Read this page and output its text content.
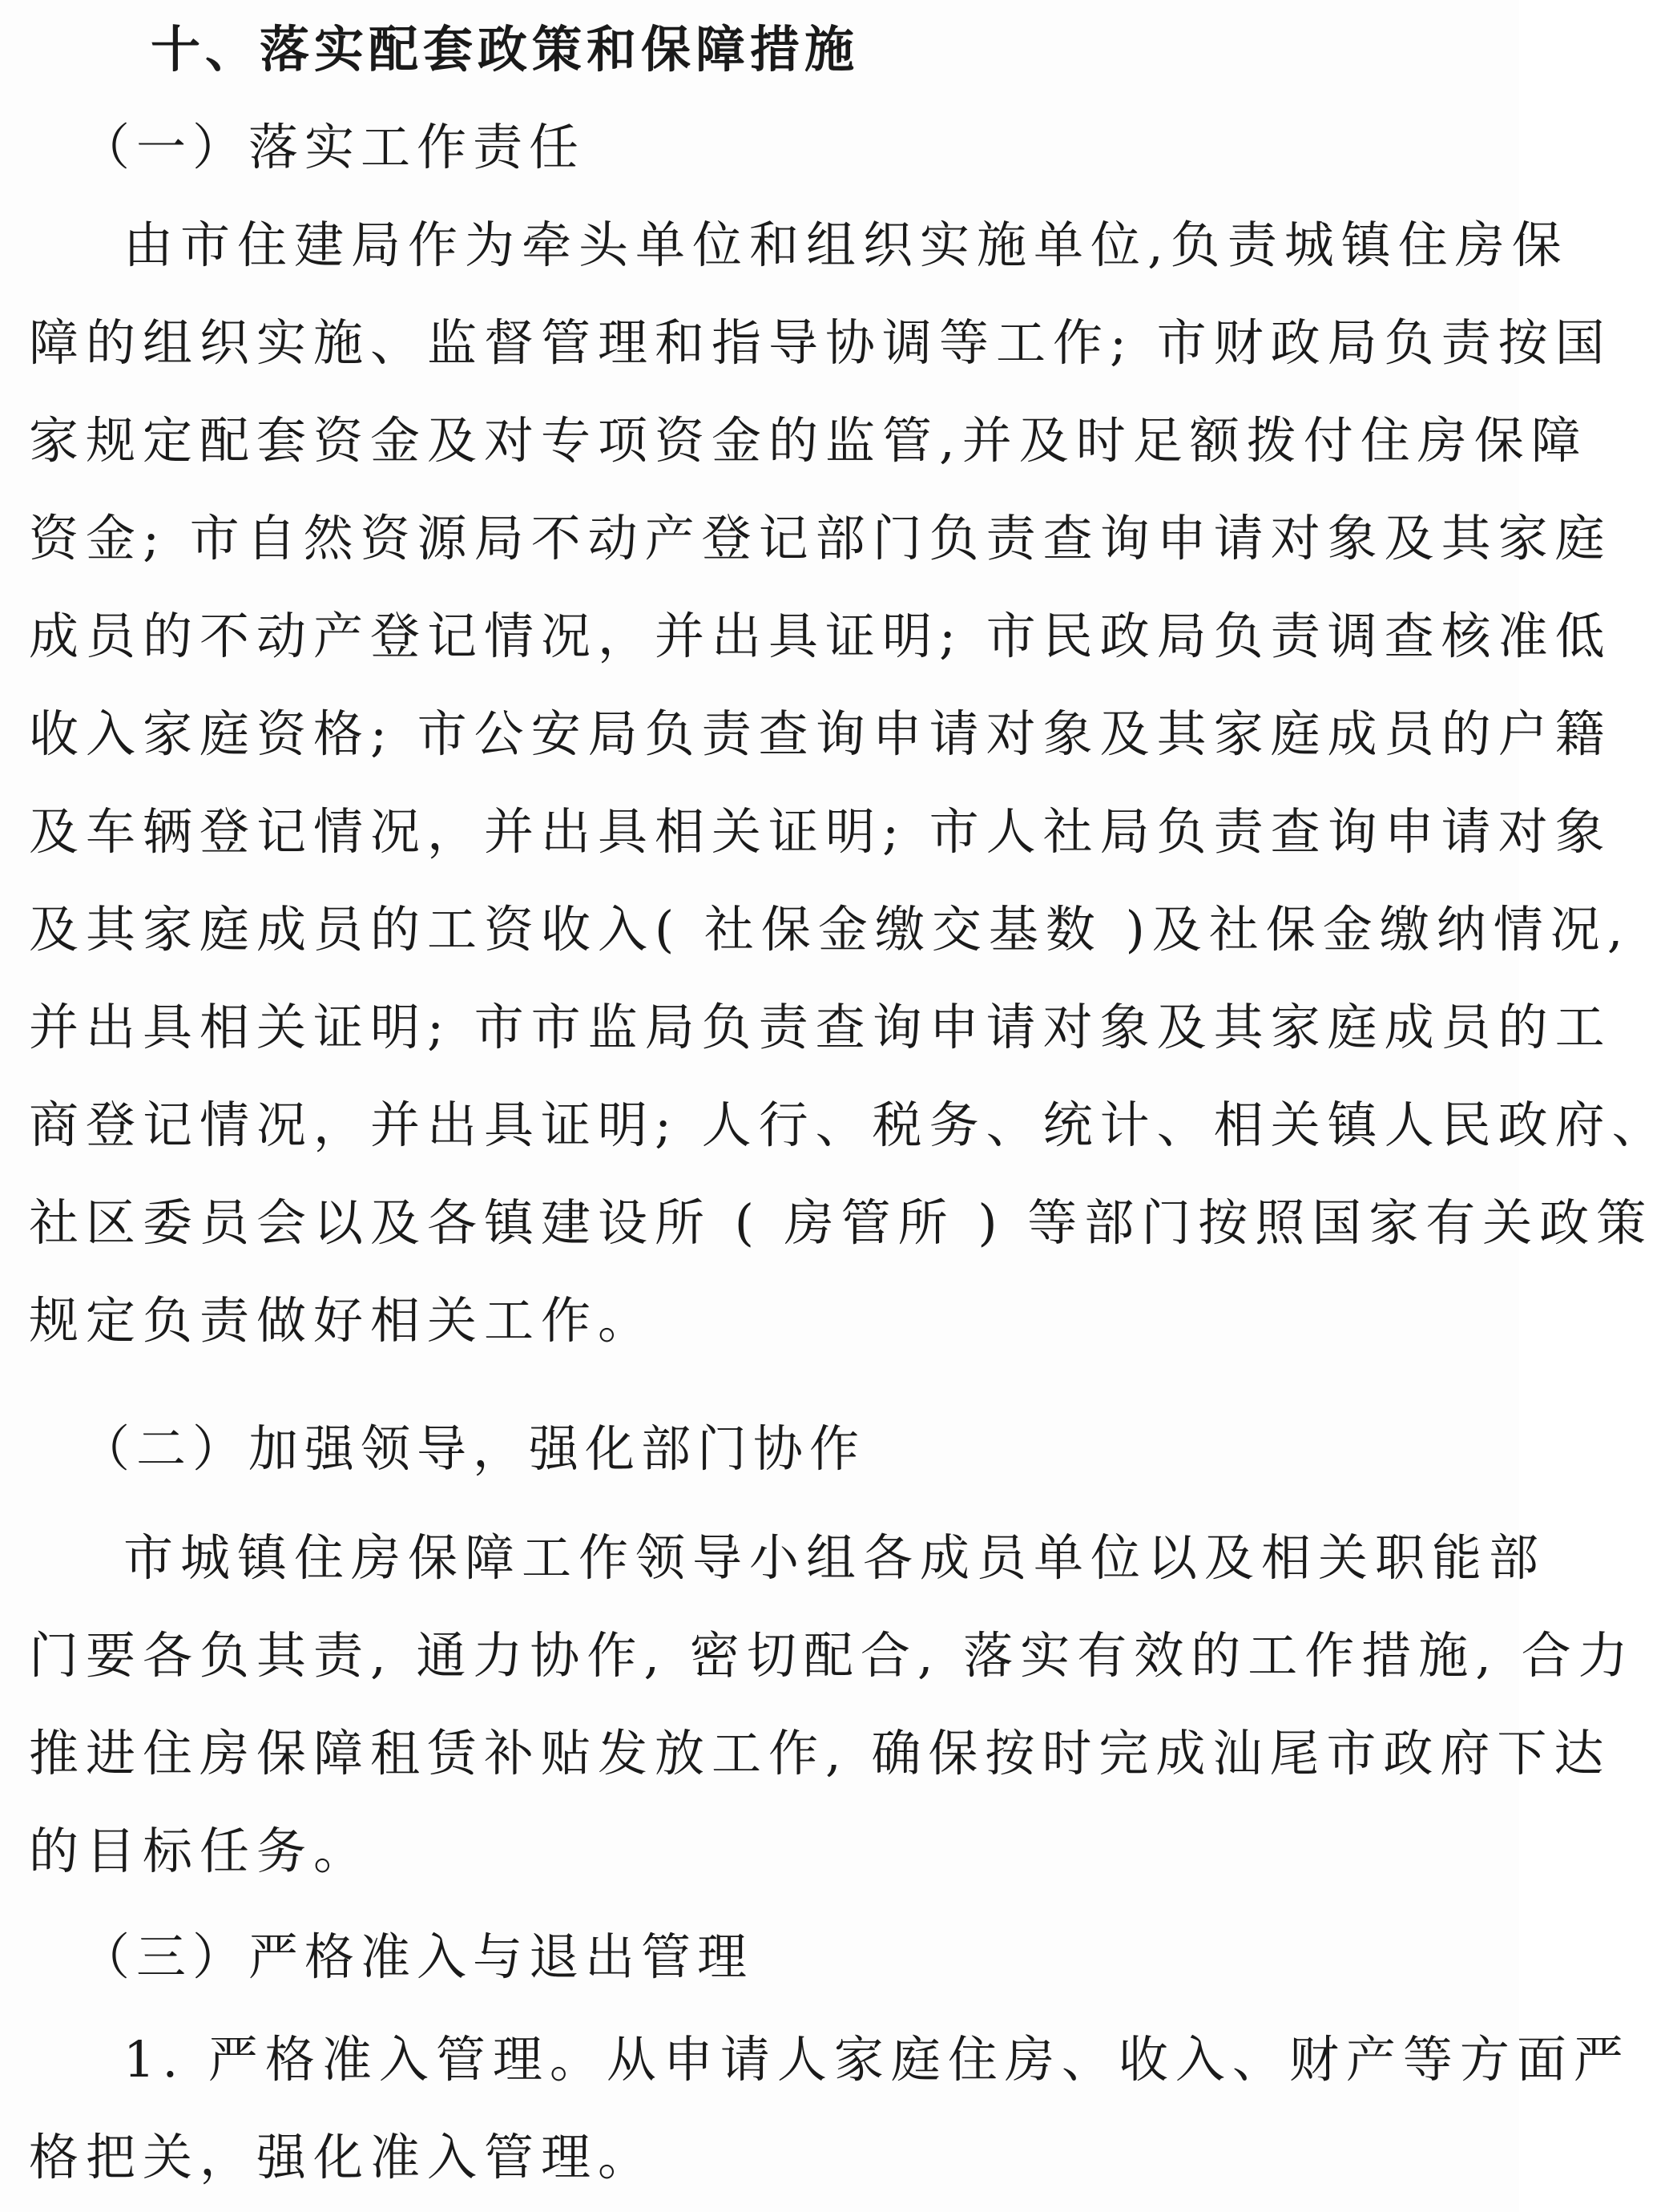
十、落实配套政策和保障措施
（一）落实工作责任
由市住建局作为牵头单位和组织实施单位,负责城镇住房保
障的组织实施、监督管理和指导协调等工作; 市财政局负责按国
家规定配套资金及对专项资金的监管,并及时足额拨付住房保障
资金; 市自然资源局不动产登记部门负责查询申请对象及其家庭
成员的不动产登记情况，并出具证明; 市民政局负责调查核准低
收入家庭资格; 市公安局负责查询申请对象及其家庭成员的户籍
及车辆登记情况，并出具相关证明; 市人社局负责查询申请对象
及其家庭成员的工资收入( 社保金缴交基数 )及社保金缴纳情况,
并出具相关证明; 市市监局负责查询申请对象及其家庭成员的工
商登记情况，并出具证明; 人行、税务、统计、相关镇人民政府、
社区委员会以及各镇建设所 ( 房管所 ) 等部门按照国家有关政策
规定负责做好相关工作。
（二）加强领导，强化部门协作
市城镇住房保障工作领导小组各成员单位以及相关职能部
门要各负其责, 通力协作, 密切配合, 落实有效的工作措施, 合力
推进住房保障租赁补贴发放工作, 确保按时完成汕尾市政府下达
的目标任务。
（三）严格准入与退出管理
1. 严格准入管理。从申请人家庭住房、收入、财产等方面严
格把关，强化准入管理。
